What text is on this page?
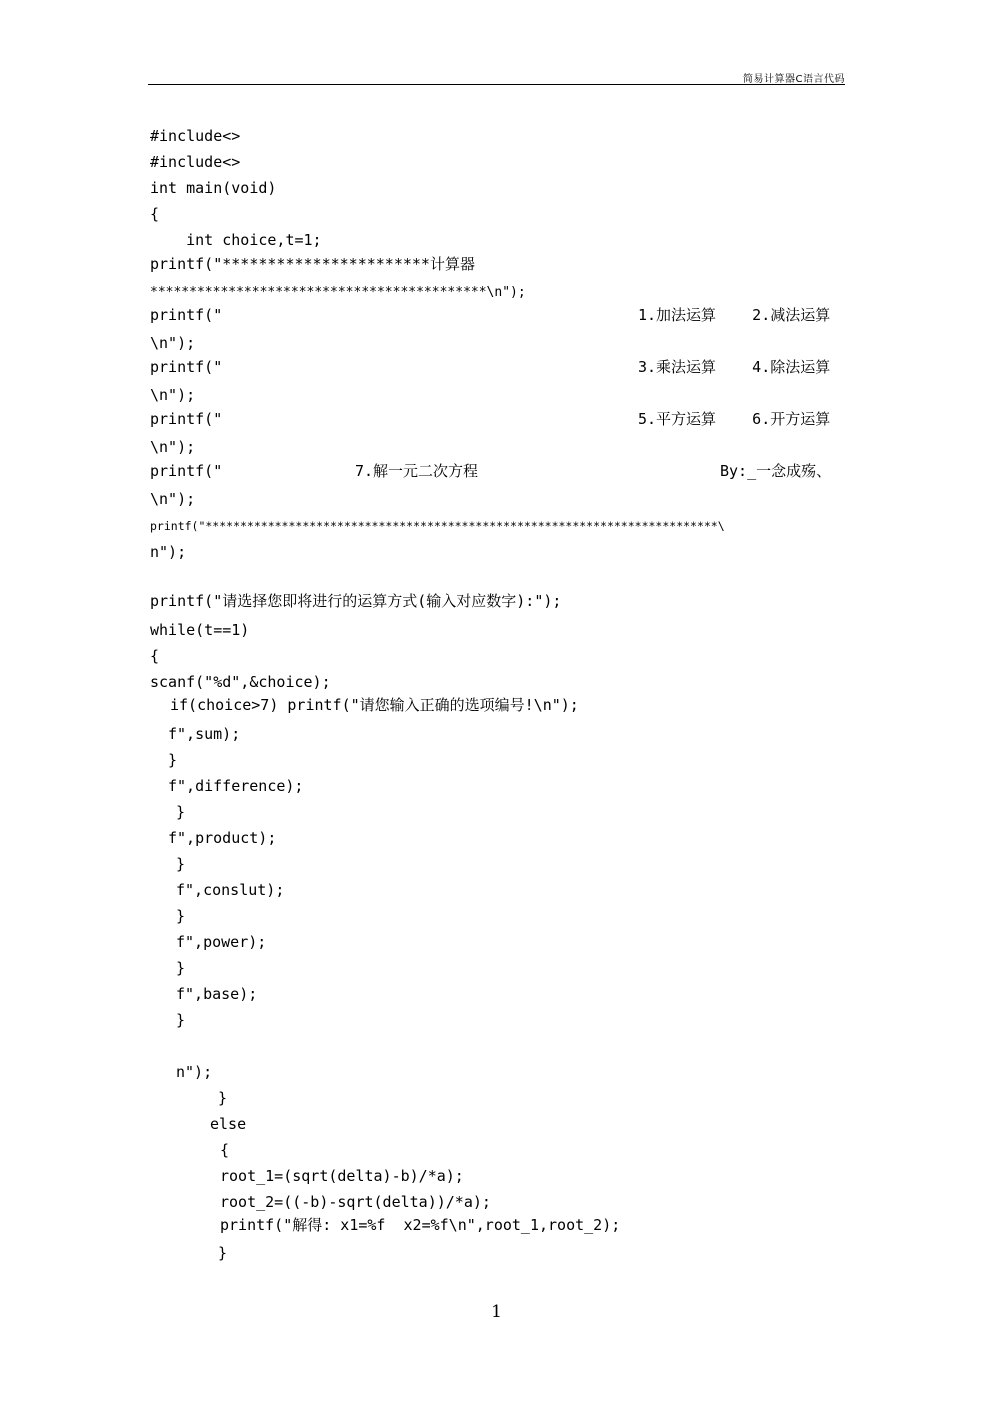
简易计算器C语言代码
#include<>
#include<>
int main(void)
{
int choice,t=1;
printf("***********************计算器
*******************************************\n");
printf("	1.加法运算    2.减法运算
\n");
printf("	3.乘法运算    4.除法运算
\n");
printf("	5.平方运算    6.开方运算
\n");
printf("	7.解一元二次方程	By:_一念成殇、
\n");
printf("**************************************************************************\
n");
printf("请选择您即将进行的运算方式(输入对应数字):");
while(t==1)
{
scanf("%d",&choice);
if(choice>7) printf("请您输入正确的选项编号!\n");
f",sum);
}
f",difference);
}
f",product);
}
f",conslut);
}
f",power);
}
f",base);
}
n");
}
else
{
root_1=(sqrt(delta)-b)/*a);
root_2=((-b)-sqrt(delta))/*a);
printf("解得: x1=%f  x2=%f\n",root_1,root_2);
}
1
